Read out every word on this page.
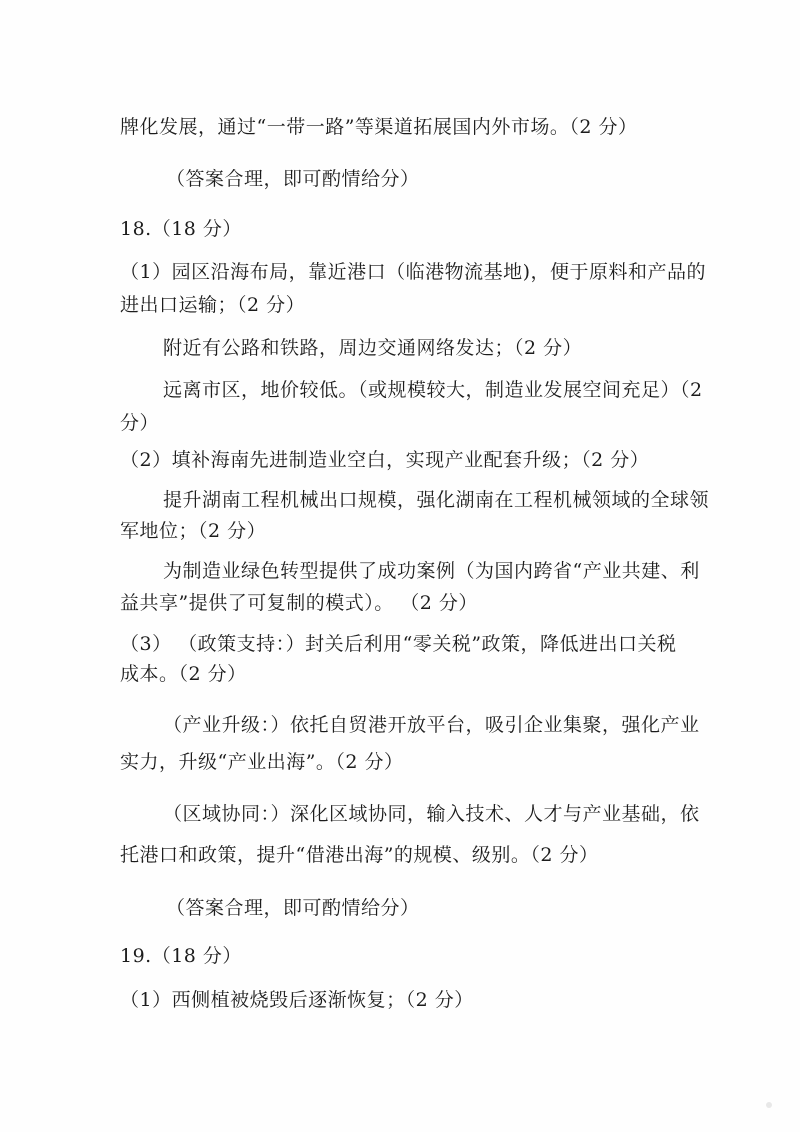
牌化发展，通过“一带一路”等渠道拓展国内外市场。（2 分）
（答案合理，即可酌情给分）
18.（18 分）
（1）园区沿海布局，靠近港口（临港物流基地)，便于原料和产品的
进出口运输；（2 分）
附近有公路和铁路，周边交通网络发达；（2 分）
远离市区，地价较低。（或规模较大，制造业发展空间充足）（2
分）
（2）填补海南先进制造业空白，实现产业配套升级；（2 分）
提升湖南工程机械出口规模，强化湖南在工程机械领域的全球领
军地位；（2 分）
为制造业绿色转型提供了成功案例（为国内跨省“产业共建、利
益共享”提供了可复制的模式）。 （2 分）
（3） （政策支持：）封关后利用“零关税”政策，降低进出口关税
成本。（2 分）
（产业升级：）依托自贸港开放平台，吸引企业集聚，强化产业
实力，升级“产业出海”。（2 分）
（区域协同：）深化区域协同，输入技术、人才与产业基础，依
托港口和政策，提升“借港出海”的规模、级别。（2 分）
（答案合理，即可酌情给分）
19.（18 分）
（1）西侧植被烧毁后逐渐恢复；（2 分）
